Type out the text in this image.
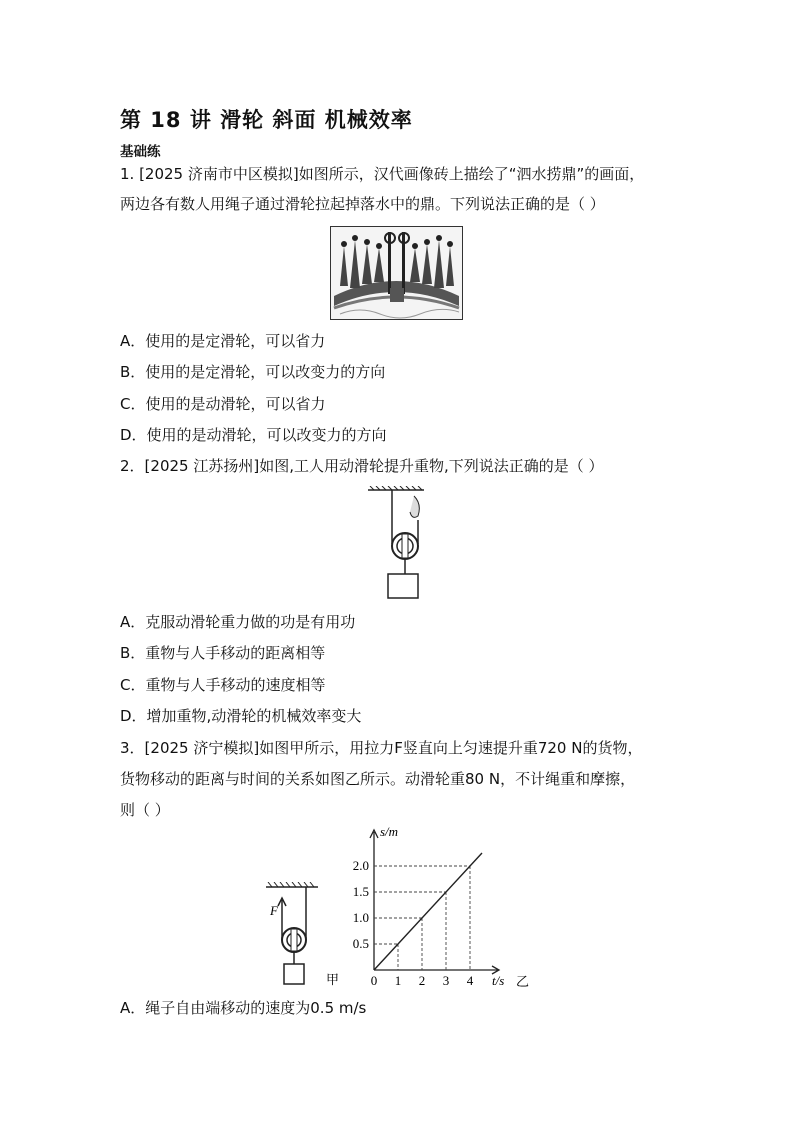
第 18 讲 滑轮 斜面 机械效率
基础练
1. [2025 济南市中区模拟]如图所示，汉代画像砖上描绘了“泗水捞鼎”的画面，
两边各有数人用绳子通过滑轮拉起掉落水中的鼎。下列说法正确的是（ ）
A．使用的是定滑轮，可以省力
B．使用的是定滑轮，可以改变力的方向
C．使用的是动滑轮，可以省力
D．使用的是动滑轮，可以改变力的方向
2．[2025 江苏扬州]如图,工人用动滑轮提升重物,下列说法正确的是（ ）
A．克服动滑轮重力做的功是有用功
B．重物与人手移动的距离相等
C．重物与人手移动的速度相等
D．增加重物,动滑轮的机械效率变大
3．[2025 济宁模拟]如图甲所示，用拉力F竖直向上匀速提升重720 N的货物，
货物移动的距离与时间的关系如图乙所示。动滑轮重80 N，不计绳重和摩擦，
则（ ）
F
甲 0 1 2 3 4
0.5
1.0
1.5
2.0
s/m
t/s 乙
A．绳子自由端移动的速度为0.5 m/s
